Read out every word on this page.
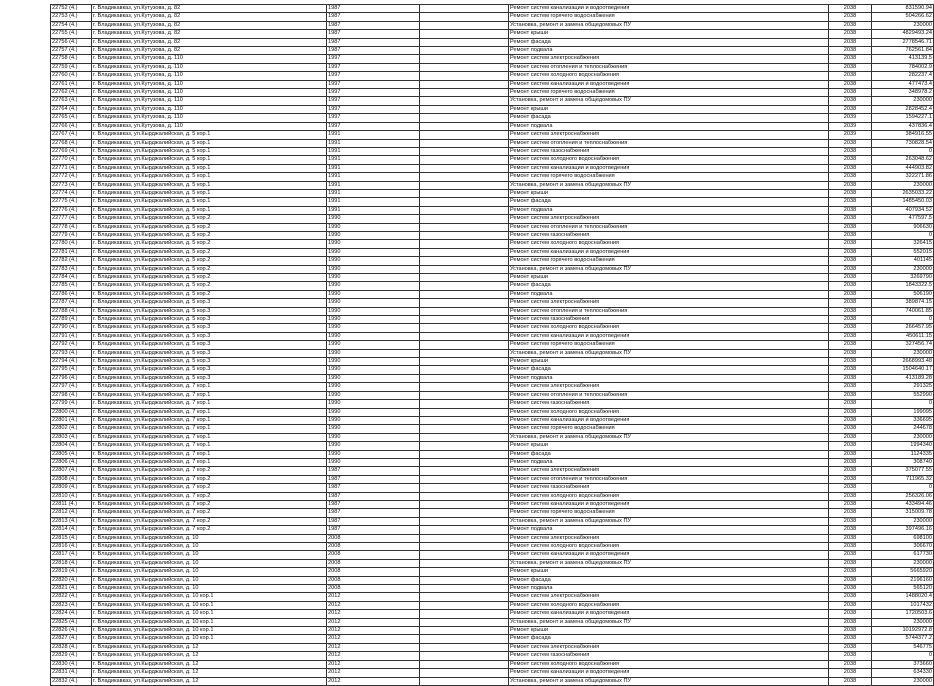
22752 (4.)	г. Владикавказ, ул.Кутузова, д. 82	1987		Ремонт систем канализации и водоотведения	2038	831590.94
22753 (4.)	г. Владикавказ, ул.Кутузова, д. 82	1987		Ремонт систем горячего водоснабжения	2038	504266.62
22754 (4.)	г. Владикавказ, ул.Кутузова, д. 82	1987		Установка, ремонт и замена общедомовых ПУ	2038	230000
22755 (4.)	г. Владикавказ, ул.Кутузова, д. 82	1987		Ремонт крыши	2038	4829493.24
22756 (4.)	г. Владикавказ, ул.Кутузова, д. 82	1987		Ремонт фасада	2038	2778546.71
22757 (4.)	г. Владикавказ, ул.Кутузова, д. 82	1987		Ремонт подвала	2038	762561.84
22758 (4.)	г. Владикавказ, ул.Кутузова, д. 110	1997		Ремонт систем электроснабжения	2038	413139.5
22759 (4.)	г. Владикавказ, ул.Кутузова, д. 110	1997		Ремонт систем отопления и теплоснабжения	2038	784002.9
22760 (4.)	г. Владикавказ, ул.Кутузова, д. 110	1997		Ремонт систем холодного водоснабжения	2038	282237.4
22761 (4.)	г. Владикавказ, ул.Кутузова, д. 110	1997		Ремонт систем канализации и водоотведения	2038	477473.4
22762 (4.)	г. Владикавказ, ул.Кутузова, д. 110	1997		Ремонт систем горячего водоснабжения	2038	348978.2
22763 (4.)	г. Владикавказ, ул.Кутузова, д. 110	1997		Установка, ремонт и замена общедомовых ПУ	2038	230000
22764 (4.)	г. Владикавказ, ул.Кутузова, д. 110	1997		Ремонт крыши	2038	2828452.4
22765 (4.)	г. Владикавказ, ул.Кутузова, д. 110	1997		Ремонт фасада	2039	1594227.1
22766 (4.)	г. Владикавказ, ул.Кутузова, д. 110	1997		Ремонт подвала	2039	437836.4
22767 (4.)	г. Владикавказ, ул.Кырджалийская, д. 5 кор.1	1991		Ремонт систем электроснабжения	2039	384916.55
22768 (4.)	г. Владикавказ, ул.Кырджалийская, д. 5 кор.1	1991		Ремонт систем отопления и теплоснабжения	2038	730828.54
22769 (4.)	г. Владикавказ, ул.Кырджалийская, д. 5 кор.1	1991		Ремонт систем газоснабжения	2038	0
22770 (4.)	г. Владикавказ, ул.Кырджалийская, д. 5 кор.1	1991		Ремонт систем холодного водоснабжения	2038	263048.62
22771 (4.)	г. Владикавказ, ул.Кырджалийская, д. 5 кор.1	1991		Ремонт систем канализации и водоотведения	2038	444903.82
22772 (4.)	г. Владикавказ, ул.Кырджалийская, д. 5 кор.1	1991		Ремонт систем горячего водоснабжения	2038	322271.86
22773 (4.)	г. Владикавказ, ул.Кырджалийская, д. 5 кор.1	1991		Установка, ремонт и замена общедомовых ПУ	2038	230000
22774 (4.)	г. Владикавказ, ул.Кырджалийская, д. 5 кор.1	1991		Ремонт крыши	2038	2635033.22
22775 (4.)	г. Владикавказ, ул.Кырджалийская, д. 5 кор.1	1991		Ремонт фасада	2038	1485450.03
22776 (4.)	г. Владикавказ, ул.Кырджалийская, д. 5 кор.1	1991		Ремонт подвала	2038	407934.52
22777 (4.)	г. Владикавказ, ул.Кырджалийская, д. 5 кор.2	1990		Ремонт систем электроснабжения	2038	477597.5
22778 (4.)	г. Владикавказ, ул.Кырджалийская, д. 5 кор.2	1990		Ремонт систем отопления и теплоснабжения	2038	906630
22779 (4.)	г. Владикавказ, ул.Кырджалийская, д. 5 кор.2	1990		Ремонт систем газоснабжения	2038	0
22780 (4.)	г. Владикавказ, ул.Кырджалийская, д. 5 кор.2	1990		Ремонт систем холодного водоснабжения	2038	326415
22781 (4.)	г. Владикавказ, ул.Кырджалийская, д. 5 кор.2	1990		Ремонт систем канализации и водоотведения	2038	552015
22782 (4.)	г. Владикавказ, ул.Кырджалийская, д. 5 кор.2	1990		Ремонт систем горячего водоснабжения	2038	401145
22783 (4.)	г. Владикавказ, ул.Кырджалийская, д. 5 кор.2	1990		Установка, ремонт и замена общедомовых ПУ	2038	230000
22784 (4.)	г. Владикавказ, ул.Кырджалийская, д. 5 кор.2	1990		Ремонт крыши	2038	3269790
22785 (4.)	г. Владикавказ, ул.Кырджалийская, д. 5 кор.2	1990		Ремонт фасада	2038	1843322.5
22786 (4.)	г. Владикавказ, ул.Кырджалийская, д. 5 кор.2	1990		Ремонт подвала	2038	506190
22787 (4.)	г. Владикавказ, ул.Кырджалийская, д. 5 кор.3	1990		Ремонт систем электроснабжения	2038	389874.15
22788 (4.)	г. Владикавказ, ул.Кырджалийская, д. 5 кор.3	1990		Ремонт систем отопления и теплоснабжения	2038	740061.85
22789 (4.)	г. Владикавказ, ул.Кырджалийская, д. 5 кор.3	1990		Ремонт систем газоснабжения	2038	0
22790 (4.)	г. Владикавказ, ул.Кырджалийская, д. 5 кор.3	1990		Ремонт систем холодного водоснабжения	2038	266457.95
22791 (4.)	г. Владикавказ, ул.Кырджалийская, д. 5 кор.3	1990		Ремонт систем канализации и водоотведения	2038	450611.15
22792 (4.)	г. Владикавказ, ул.Кырджалийская, д. 5 кор.3	1990		Ремонт систем горячего водоснабжения	2038	327456.74
22793 (4.)	г. Владикавказ, ул.Кырджалийская, д. 5 кор.3	1990		Установка, ремонт и замена общедомовых ПУ	2038	230000
22794 (4.)	г. Владикавказ, ул.Кырджалийская, д. 5 кор.3	1990		Ремонт крыши	2038	2668993.48
22795 (4.)	г. Владикавказ, ул.Кырджалийская, д. 5 кор.3	1990		Ремонт фасада	2038	1504640.17
22796 (4.)	г. Владикавказ, ул.Кырджалийская, д. 5 кор.3	1990		Ремонт подвала	2038	413189.28
22797 (4.)	г. Владикавказ, ул.Кырджалийская, д. 7 кор.1	1990		Ремонт систем электроснабжения	2038	291325
22798 (4.)	г. Владикавказ, ул.Кырджалийская, д. 7 кор.1	1990		Ремонт систем отопления и теплоснабжения	2038	552990
22799 (4.)	г. Владикавказ, ул.Кырджалийская, д. 7 кор.1	1990		Ремонт систем газоснабжения	2038	0
22800 (4.)	г. Владикавказ, ул.Кырджалийская, д. 7 кор.1	1990		Ремонт систем холодного водоснабжения	2038	199095
22801 (4.)	г. Владикавказ, ул.Кырджалийская, д. 7 кор.1	1990		Ремонт систем канализации и водоотведения	2038	336695
22802 (4.)	г. Владикавказ, ул.Кырджалийская, д. 7 кор.1	1990		Ремонт систем горячего водоснабжения	2038	244678
22803 (4.)	г. Владикавказ, ул.Кырджалийская, д. 7 кор.1	1990		Установка, ремонт и замена общедомовых ПУ	2038	230000
22804 (4.)	г. Владикавказ, ул.Кырджалийская, д. 7 кор.1	1990		Ремонт крыши	2038	1994340
22805 (4.)	г. Владикавказ, ул.Кырджалийская, д. 7 кор.1	1990		Ремонт фасада	2038	1124335
22806 (4.)	г. Владикавказ, ул.Кырджалийская, д. 7 кор.1	1990		Ремонт подвала	2038	308740
22807 (4.)	г. Владикавказ, ул.Кырджалийская, д. 7 кор.2	1987		Ремонт систем электроснабжения	2038	375077.55
22808 (4.)	г. Владикавказ, ул.Кырджалийская, д. 7 кор.2	1987		Ремонт систем отопления и теплоснабжения	2038	711965.32
22809 (4.)	г. Владикавказ, ул.Кырджалийская, д. 7 кор.2	1987		Ремонт систем газоснабжения	2038	0
22810 (4.)	г. Владикавказ, ул.Кырджалийская, д. 7 кор.2	1987		Ремонт систем холодного водоснабжения	2038	256326.06
22811 (4.)	г. Владикавказ, ул.Кырджалийская, д. 7 кор.2	1987		Ремонт систем канализации и водоотведения	2038	433494.46
22812 (4.)	г. Владикавказ, ул.Кырджалийская, д. 7 кор.2	1987		Ремонт систем горячего водоснабжения	2038	315009.78
22813 (4.)	г. Владикавказ, ул.Кырджалийская, д. 7 кор.2	1987		Установка, ремонт и замена общедомовых ПУ	2038	230000
22814 (4.)	г. Владикавказ, ул.Кырджалийская, д. 7 кор.2	1987		Ремонт подвала	2038	397496.16
22815 (4.)	г. Владикавказ, ул.Кырджалийская, д. 10	2008		Ремонт систем электроснабжения	2038	698100
22816 (4.)	г. Владикавказ, ул.Кырджалийская, д. 10	2008		Ремонт систем холодного водоснабжения	2038	306670
22817 (4.)	г. Владикавказ, ул.Кырджалийская, д. 10	2008		Ремонт систем канализации и водоотведения	2038	617730
22818 (4.)	г. Владикавказ, ул.Кырджалийская, д. 10	2008		Установка, ремонт и замена общедомовых ПУ	2038	230000
22819 (4.)	г. Владикавказ, ул.Кырджалийская, д. 10	2008		Ремонт крыши	2038	5665920
22820 (4.)	г. Владикавказ, ул.Кырджалийская, д. 10	2008		Ремонт фасада	2038	2196160
22821 (4.)	г. Владикавказ, ул.Кырджалийская, д. 10	2008		Ремонт подвала	2038	565120
22822 (4.)	г. Владикавказ, ул.Кырджалийская, д. 10 кор.1	2012		Ремонт систем электроснабжения	2038	1488020.4
22823 (4.)	г. Владикавказ, ул.Кырджалийская, д. 10 кор.1	2012		Ремонт систем холодного водоснабжения	2038	1017432
22824 (4.)	г. Владикавказ, ул.Кырджалийская, д. 10 кор.1	2012		Ремонт систем канализации и водоотведения	2038	1720503.6
22825 (4.)	г. Владикавказ, ул.Кырджалийская, д. 10 кор.1	2012		Установка, ремонт и замена общедомовых ПУ	2038	230000
22826 (4.)	г. Владикавказ, ул.Кырджалийская, д. 10 кор.1	2012		Ремонт крыши	2038	10192972.8
22827 (4.)	г. Владикавказ, ул.Кырджалийская, д. 10 кор.1	2012		Ремонт фасада	2038	5744377.2
22828 (4.)	г. Владикавказ, ул.Кырджалийская, д. 12	2012		Ремонт систем электроснабжения	2038	546775
22829 (4.)	г. Владикавказ, ул.Кырджалийская, д. 12	2012		Ремонт систем газоснабжения	2038	0
22830 (4.)	г. Владикавказ, ул.Кырджалийская, д. 12	2012		Ремонт систем холодного водоснабжения	2038	373660
22831 (4.)	г. Владикавказ, ул.Кырджалийская, д. 12	2012		Ремонт систем канализации и водоотведения	2038	634330
22832 (4.)	г. Владикавказ, ул.Кырджалийская, д. 12	2012		Установка, ремонт и замена общедомовых ПУ	2038	230000
